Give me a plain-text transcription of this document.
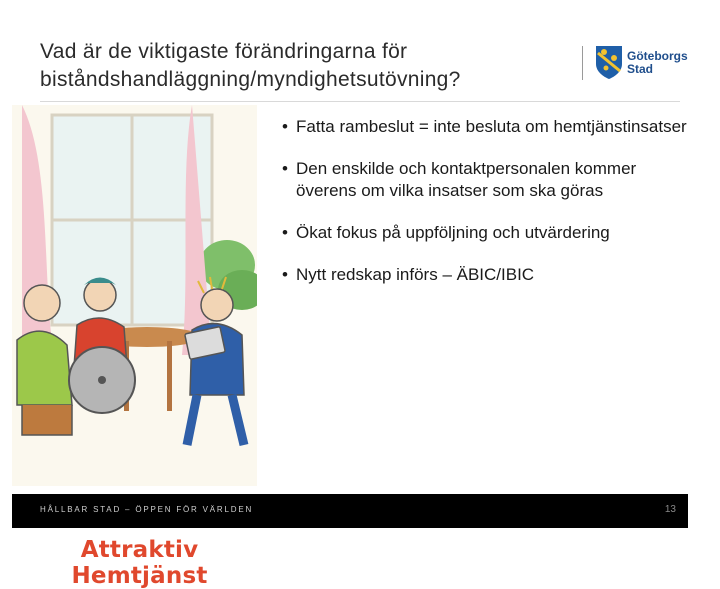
Vad är de viktigaste förändringarna för biståndshandläggning/myndighetsutövning?
Göteborgs
Stad
Attraktiv Hemtjänst
• Fatta rambeslut = inte besluta om hemtjänstinsatser
• Den enskilde och kontaktpersonalen kommer överens om vilka insatser som ska göras
• Ökat fokus på uppföljning och utvärdering
• Nytt redskap införs – ÄBIC/IBIC
HÅLLBAR STAD – ÖPPEN FÖR VÄRLDEN	13
